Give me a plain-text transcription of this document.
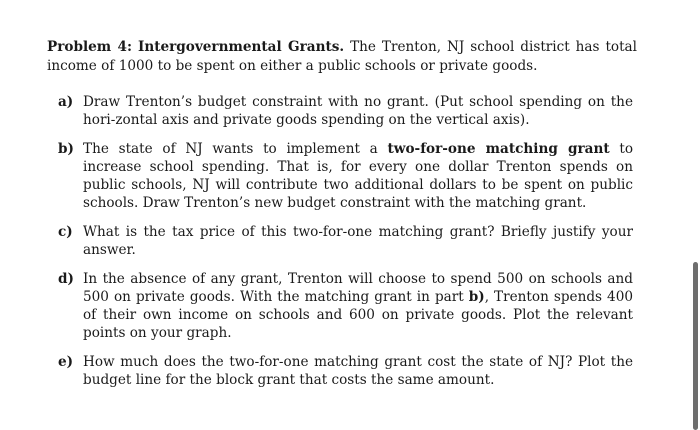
Problem 4: Intergovernmental Grants. The Trenton, NJ school district has total income of 1000 to be spent on either a public schools or private goods.
a) Draw Trenton’s budget constraint with no grant. (Put school spending on the hori-zontal axis and private goods spending on the vertical axis).
b) The state of NJ wants to implement a two-for-one matching grant to increase school spending. That is, for every one dollar Trenton spends on public schools, NJ will contribute two additional dollars to be spent on public schools. Draw Trenton’s new budget constraint with the matching grant.
c) What is the tax price of this two-for-one matching grant? Briefly justify your answer.
d) In the absence of any grant, Trenton will choose to spend 500 on schools and 500 on private goods. With the matching grant in part b), Trenton spends 400 of their own income on schools and 600 on private goods. Plot the relevant points on your graph.
e) How much does the two-for-one matching grant cost the state of NJ? Plot the budget line for the block grant that costs the same amount.
